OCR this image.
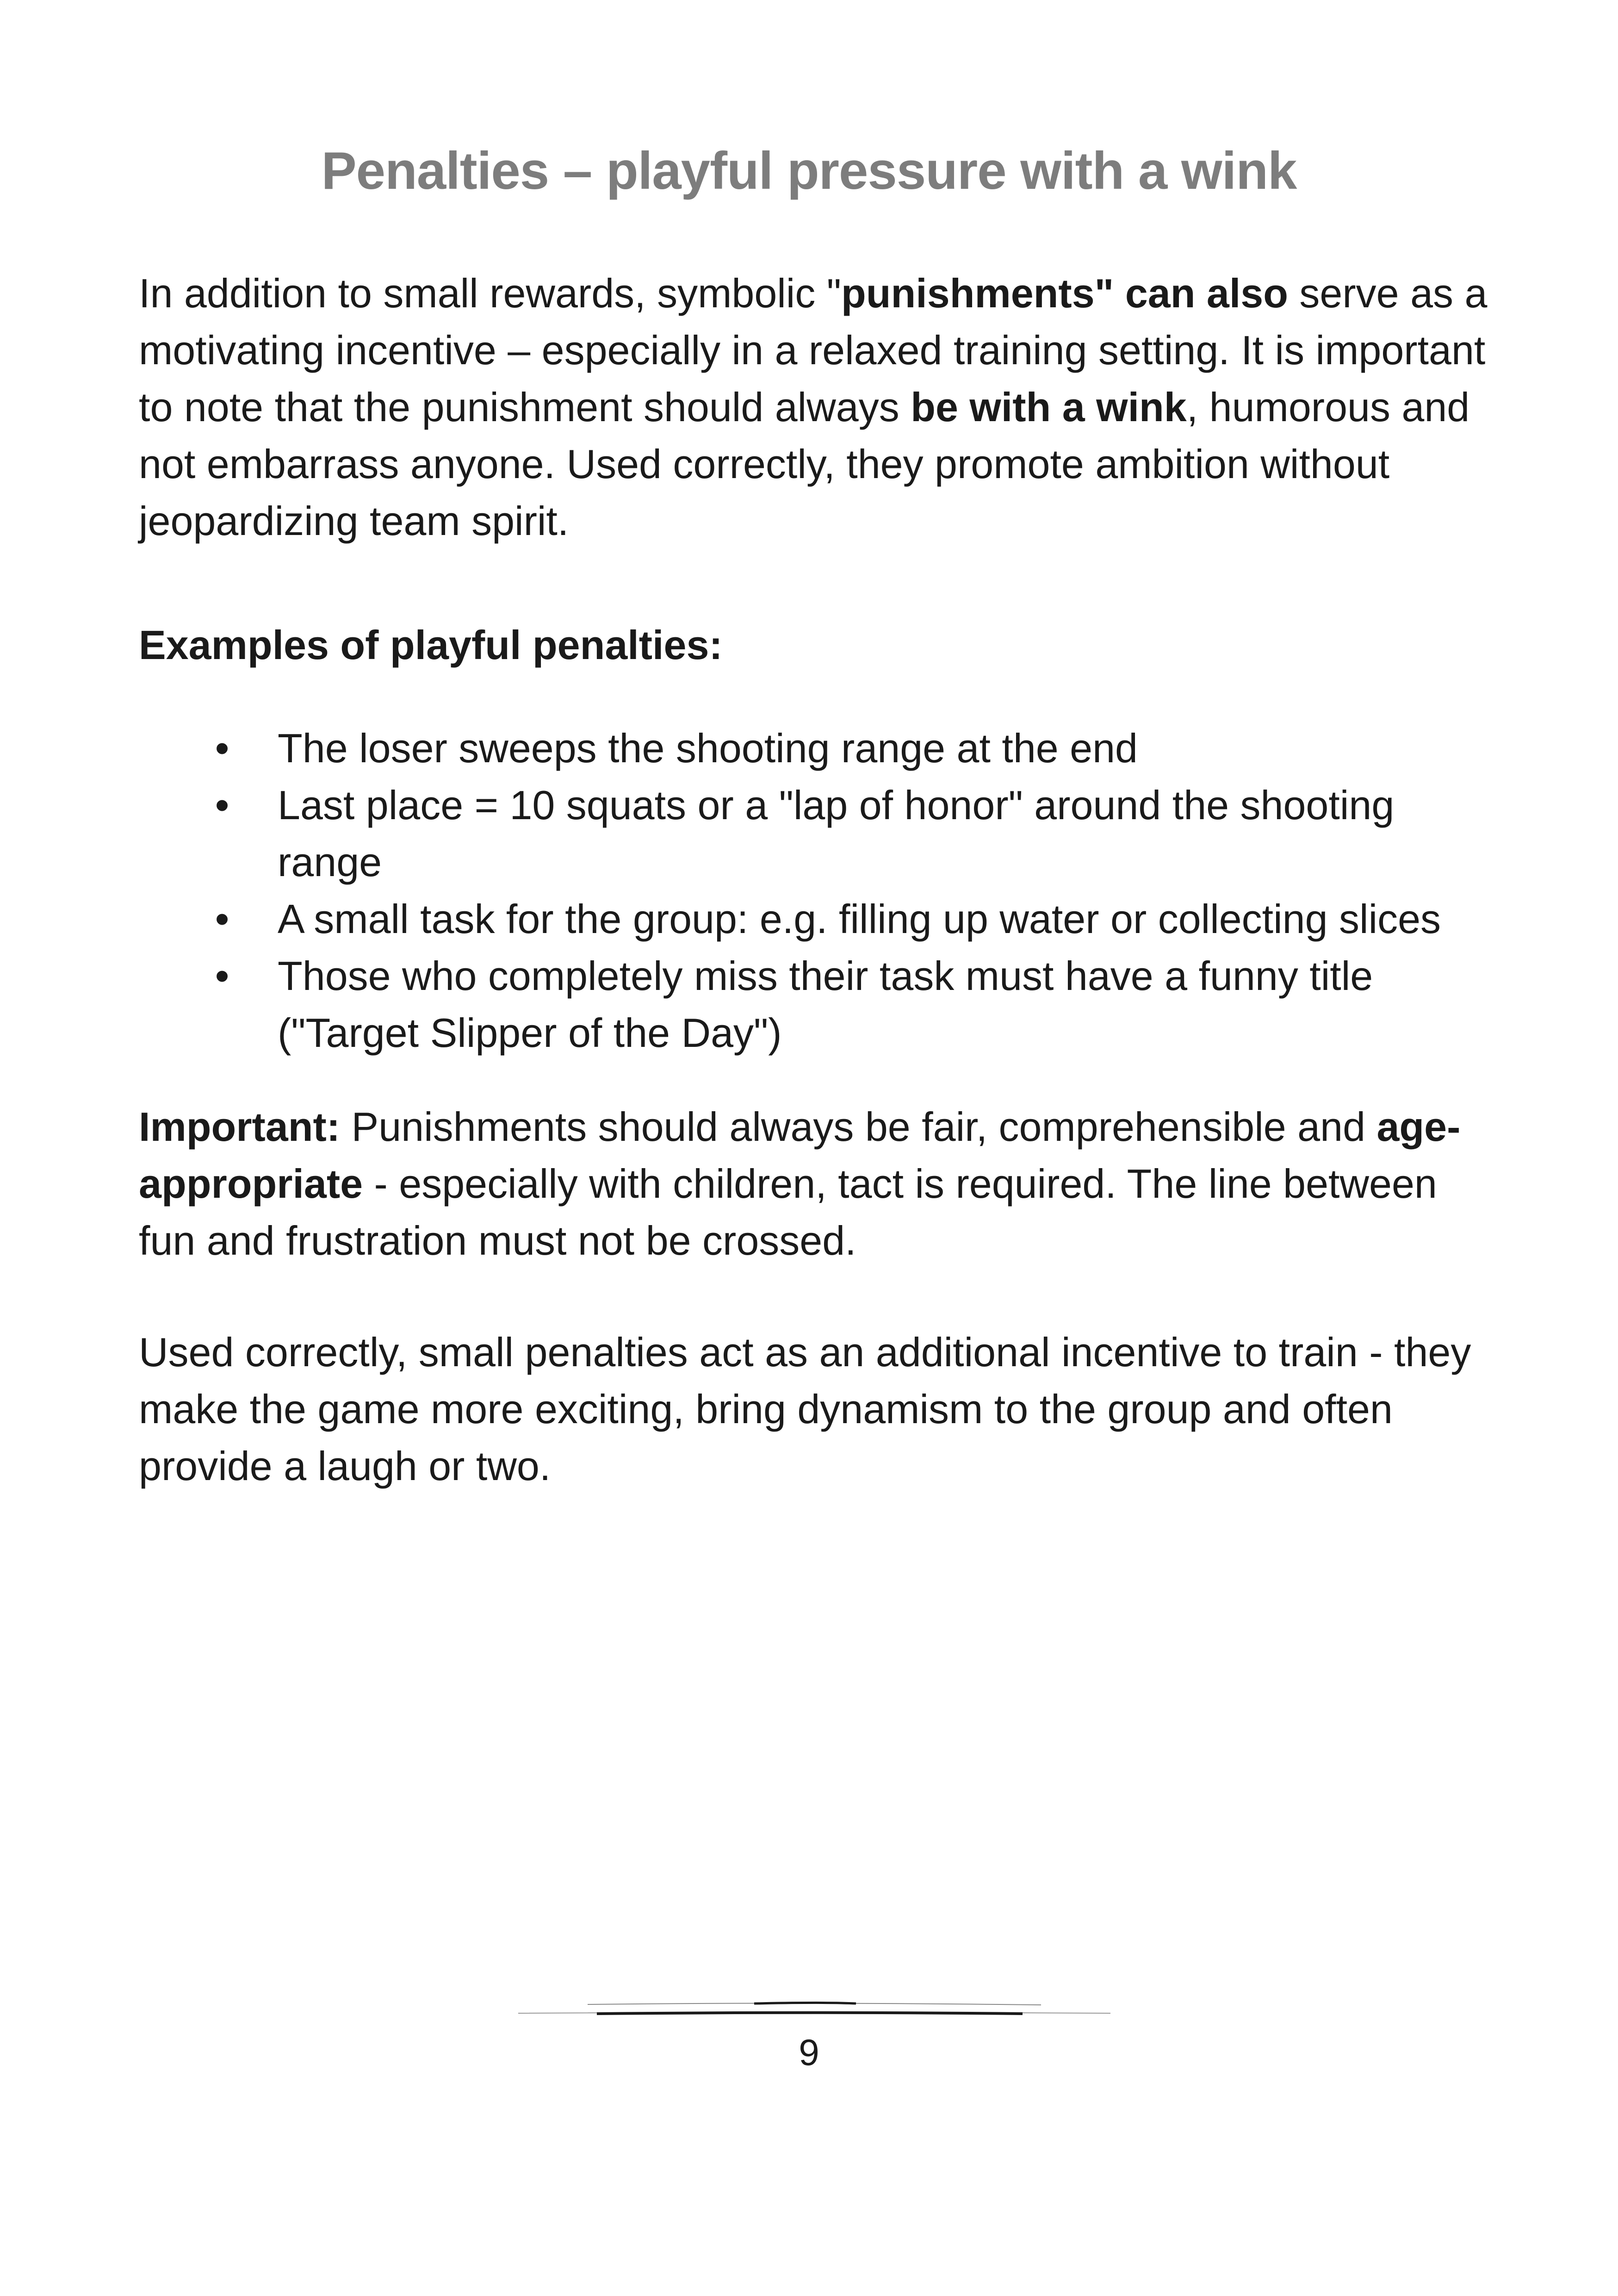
Penalties – playful pressure with a wink

In addition to small rewards, symbolic "punishments" can also serve as a motivating incentive – especially in a relaxed training setting. It is important to note that the punishment should always be with a wink, humorous and not embarrass anyone. Used correctly, they promote ambition without jeopardizing team spirit.

Examples of playful penalties:

• The loser sweeps the shooting range at the end
• Last place = 10 squats or a "lap of honor" around the shooting range
• A small task for the group: e.g. filling up water or collecting slices
• Those who completely miss their task must have a funny title ("Target Slipper of the Day")

Important: Punishments should always be fair, comprehensible and age-appropriate - especially with children, tact is required. The line between fun and frustration must not be crossed.

Used correctly, small penalties act as an additional incentive to train - they make the game more exciting, bring dynamism to the group and often provide a laugh or two.

9
